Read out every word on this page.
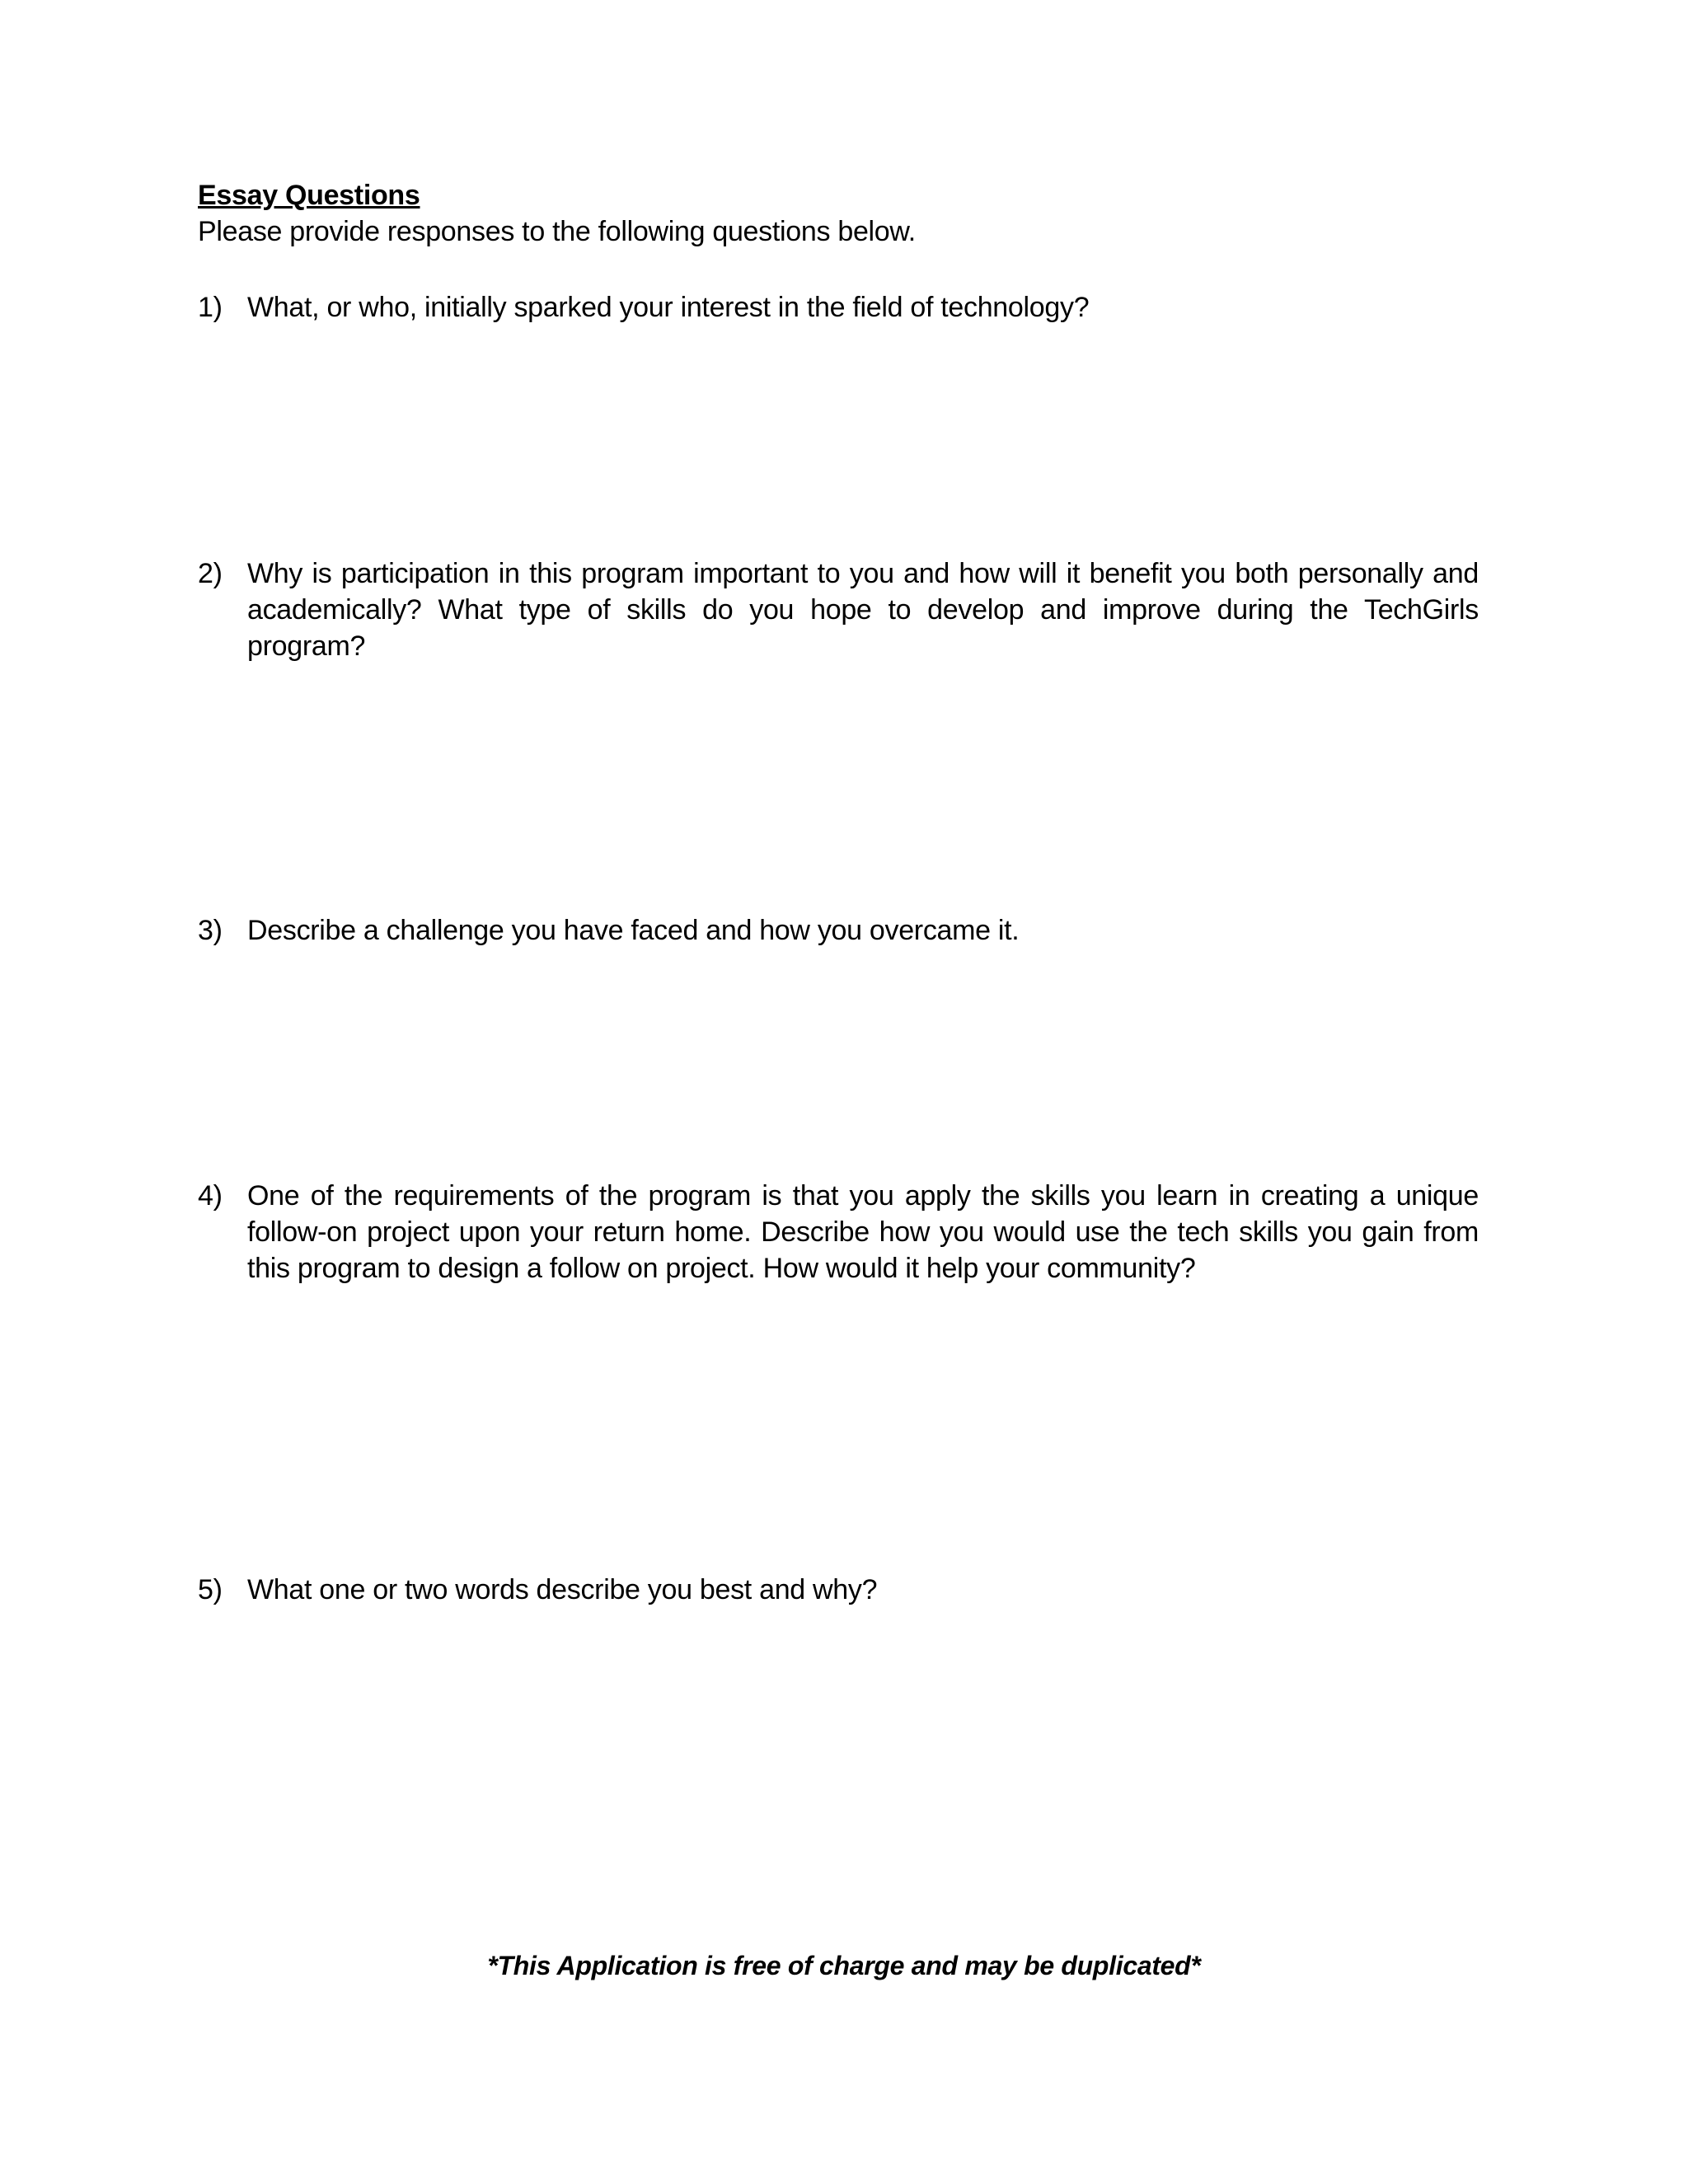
Essay Questions
Please provide responses to the following questions below.
1) What, or who, initially sparked your interest in the field of technology?
2) Why is participation in this program important to you and how will it benefit you both personally and academically? What type of skills do you hope to develop and improve during the TechGirls program?
3) Describe a challenge you have faced and how you overcame it.
4) One of the requirements of the program is that you apply the skills you learn in creating a unique follow-on project upon your return home. Describe how you would use the tech skills you gain from this program to design a follow on project. How would it help your community?
5) What one or two words describe you best and why?
*This Application is free of charge and may be duplicated*
